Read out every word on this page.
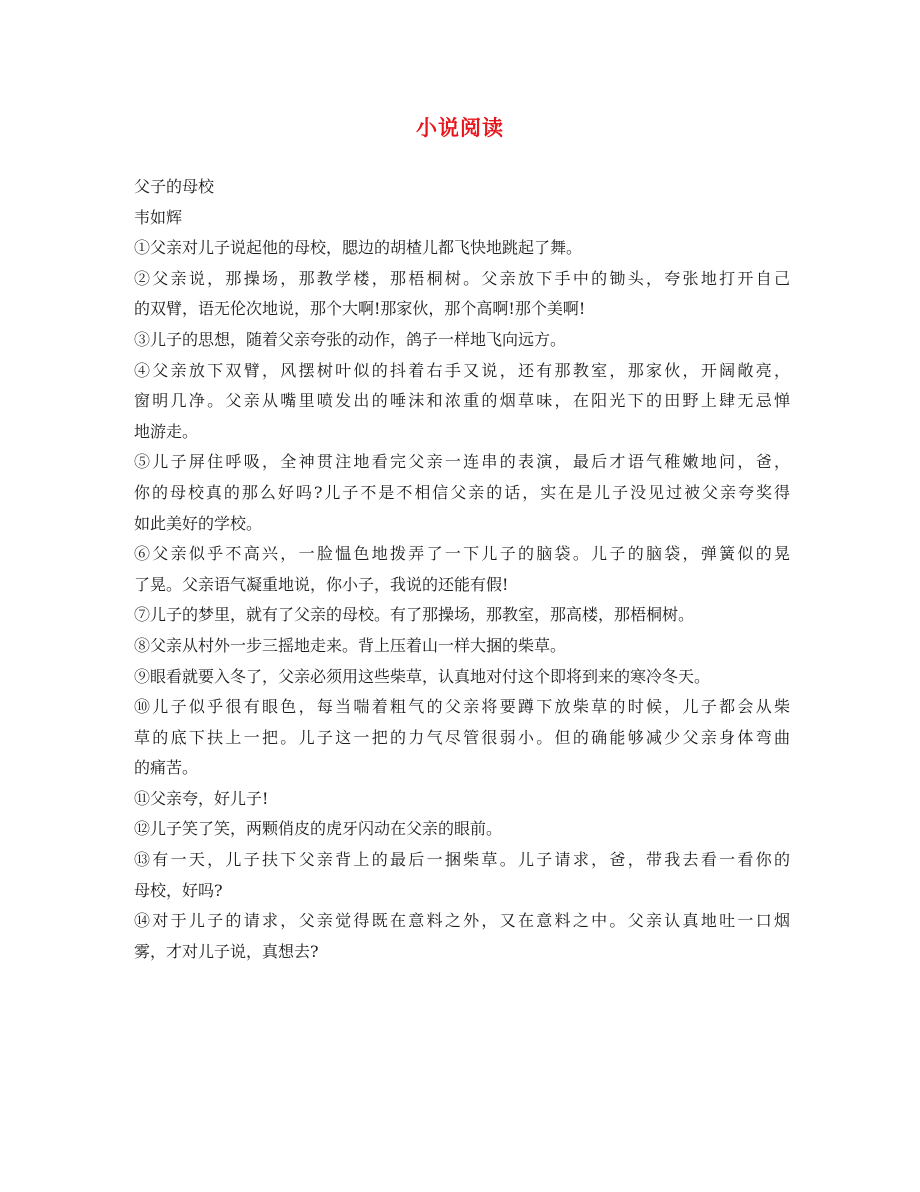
小说阅读
父子的母校
韦如辉
①父亲对儿子说起他的母校，腮边的胡楂儿都飞快地跳起了舞。
②父亲说，那操场，那教学楼，那梧桐树。父亲放下手中的锄头，夸张地打开自己
的双臂，语无伦次地说，那个大啊!那家伙，那个高啊!那个美啊!
③儿子的思想，随着父亲夸张的动作，鸽子一样地飞向远方。
④父亲放下双臂，风摆树叶似的抖着右手又说，还有那教室，那家伙，开阔敞亮，
窗明几净。父亲从嘴里喷发出的唾沫和浓重的烟草味，在阳光下的田野上肆无忌惮
地游走。
⑤儿子屏住呼吸，全神贯注地看完父亲一连串的表演，最后才语气稚嫩地问，爸，
你的母校真的那么好吗?儿子不是不相信父亲的话，实在是儿子没见过被父亲夸奖得
如此美好的学校。
⑥父亲似乎不高兴，一脸愠色地拨弄了一下儿子的脑袋。儿子的脑袋，弹簧似的晃
了晃。父亲语气凝重地说，你小子，我说的还能有假!
⑦儿子的梦里，就有了父亲的母校。有了那操场，那教室，那高楼，那梧桐树。
⑧父亲从村外一步三摇地走来。背上压着山一样大捆的柴草。
⑨眼看就要入冬了，父亲必须用这些柴草，认真地对付这个即将到来的寒冷冬天。
⑩儿子似乎很有眼色，每当喘着粗气的父亲将要蹲下放柴草的时候，儿子都会从柴
草的底下扶上一把。儿子这一把的力气尽管很弱小。但的确能够减少父亲身体弯曲
的痛苦。
⑪父亲夸，好儿子!
⑫儿子笑了笑，两颗俏皮的虎牙闪动在父亲的眼前。
⑬有一天，儿子扶下父亲背上的最后一捆柴草。儿子请求，爸，带我去看一看你的
母校，好吗?
⑭对于儿子的请求，父亲觉得既在意料之外，又在意料之中。父亲认真地吐一口烟
雾，才对儿子说，真想去?
